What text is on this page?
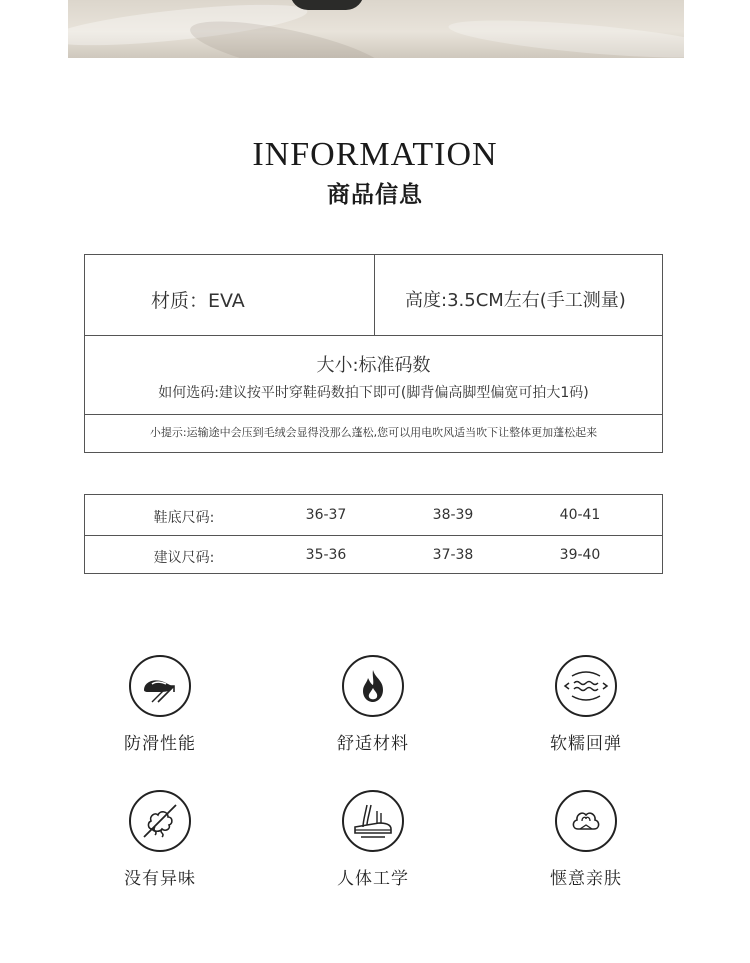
INFORMATION
商品信息
材质：EVA	高度:3.5CM左右(手工测量)
大小:标准码数
如何选码:建议按平时穿鞋码数拍下即可(脚背偏高脚型偏宽可拍大1码)
小提示:运输途中会压到毛绒会显得没那么蓬松,您可以用电吹风适当吹下让整体更加蓬松起来
鞋底尺码:	36-37	38-39	40-41
建议尺码:	35-36	37-38	39-40
防滑性能	舒适材料	软糯回弹
没有异味	人体工学	惬意亲肤
